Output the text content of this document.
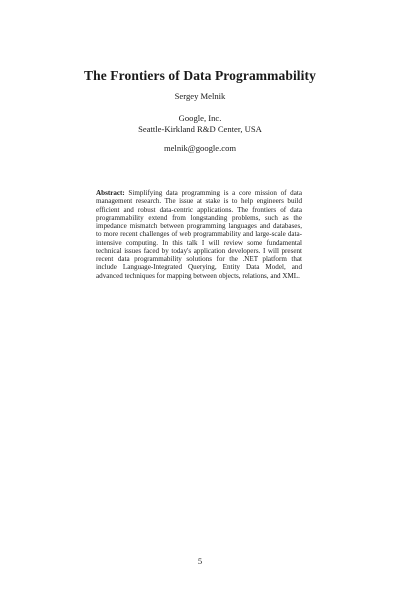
The Frontiers of Data Programmability
Sergey Melnik
Google, Inc.
Seattle-Kirkland R&D Center, USA
melnik@google.com

Abstract: Simplifying data programming is a core mission of data management research. The issue at stake is to help engineers build efficient and robust data-centric applications. The frontiers of data programmability extend from longstanding problems, such as the impedance mismatch between programming languages and databases, to more recent challenges of web programmability and large-scale data-intensive computing. In this talk I will review some fundamental technical issues faced by today's application developers. I will present recent data programmability solutions for the .NET platform that include Language-Integrated Querying, Entity Data Model, and advanced techniques for mapping between objects, relations, and XML.

5
